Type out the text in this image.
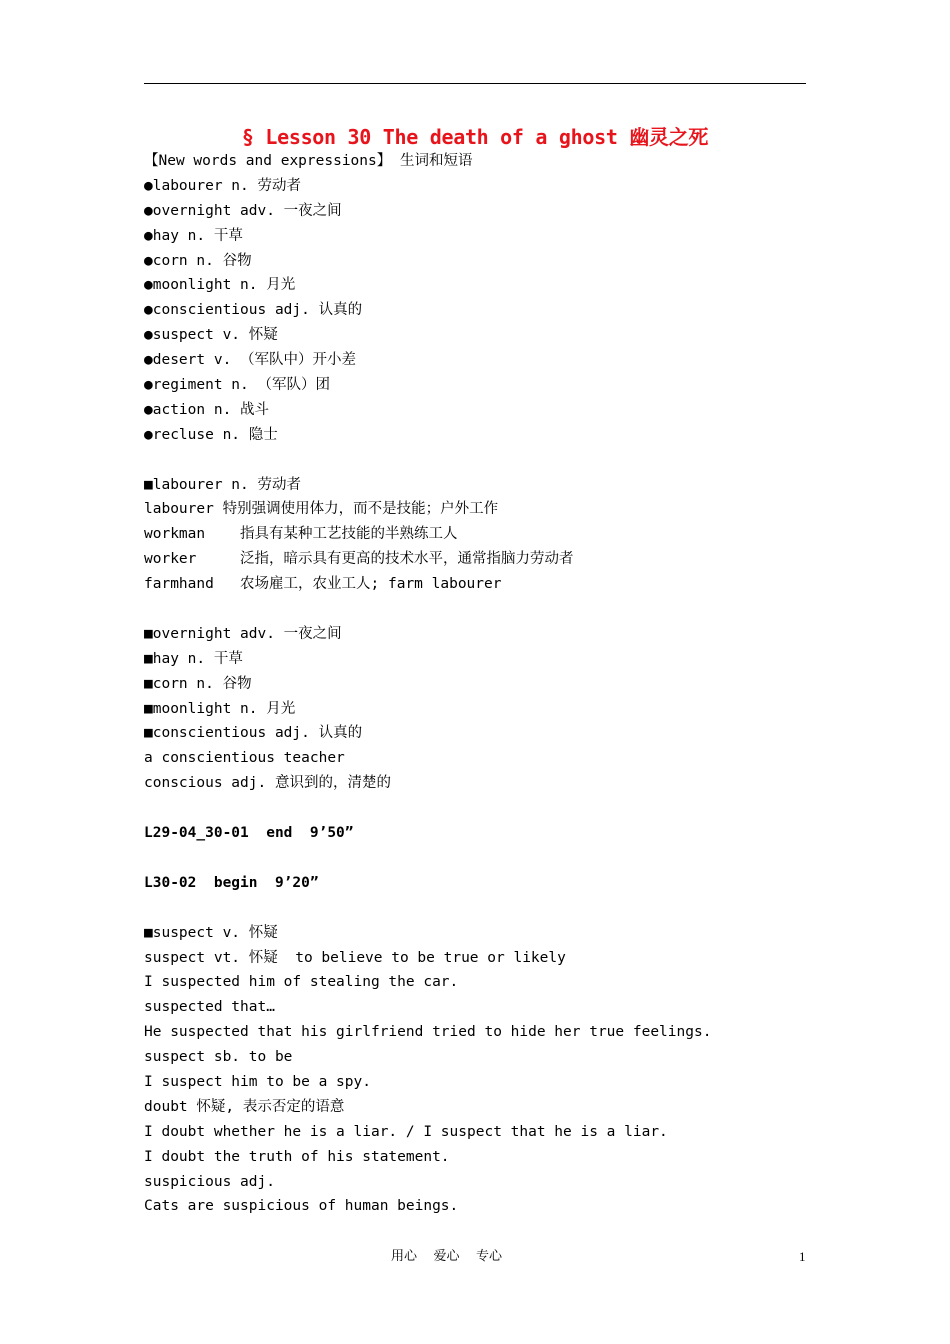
§ Lesson 30 The death of a ghost 幽灵之死
【New words and expressions】 生词和短语
●labourer n. 劳动者
●overnight adv. 一夜之间
●hay n. 干草
●corn n. 谷物
●moonlight n. 月光
●conscientious adj. 认真的
●suspect v. 怀疑
●desert v. （军队中）开小差
●regiment n. （军队）团
●action n. 战斗
●recluse n. 隐士
■labourer n. 劳动者
labourer 特别强调使用体力，而不是技能；户外工作
workman    指具有某种工艺技能的半熟练工人
worker     泛指，暗示具有更高的技术水平，通常指脑力劳动者
farmhand   农场雇工，农业工人; farm labourer
■overnight adv. 一夜之间
■hay n. 干草
■corn n. 谷物
■moonlight n. 月光
■conscientious adj. 认真的
a conscientious teacher
conscious adj. 意识到的，清楚的
L29-04_30-01  end  9’50”
L30-02  begin  9’20”
■suspect v. 怀疑
suspect vt. 怀疑  to believe to be true or likely
I suspected him of stealing the car.
suspected that…
He suspected that his girlfriend tried to hide her true feelings.
suspect sb. to be
I suspect him to be a spy.
doubt 怀疑, 表示否定的语意
I doubt whether he is a liar. / I suspect that he is a liar.
I doubt the truth of his statement.
suspicious adj.
Cats are suspicious of human beings.
用心    爱心    专心	1
